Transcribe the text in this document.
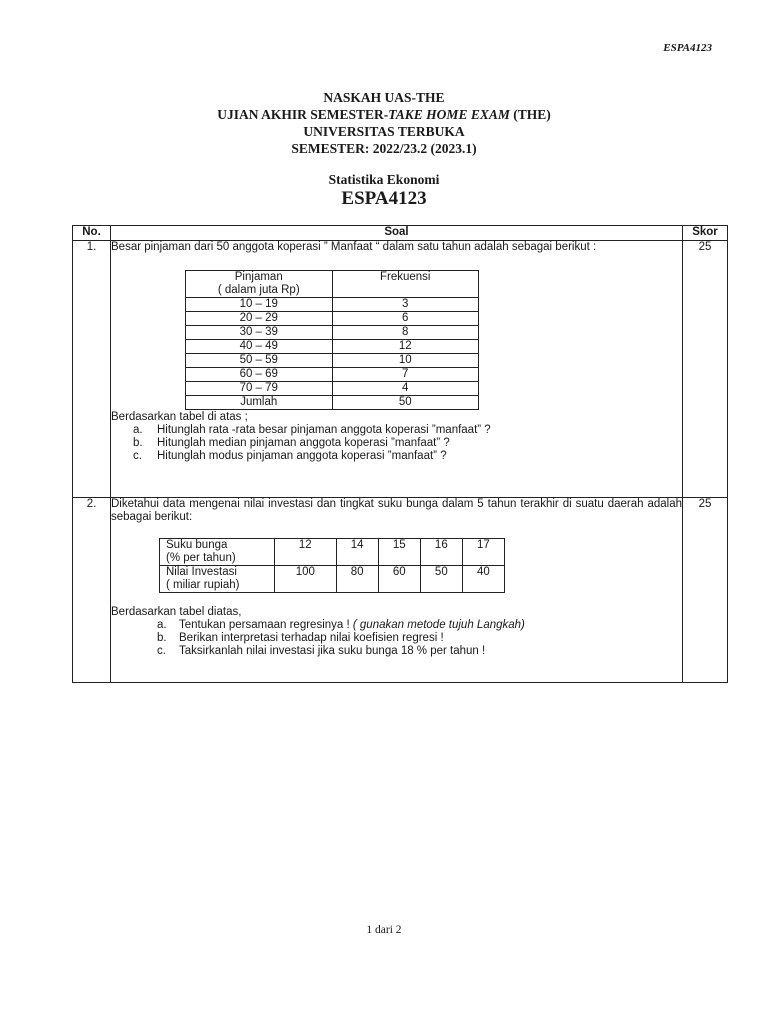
ESPA4123
NASKAH UAS-THE
UJIAN AKHIR SEMESTER-TAKE HOME EXAM (THE)
UNIVERSITAS TERBUKA
SEMESTER: 2022/23.2 (2023.1)
Statistika Ekonomi
ESPA4123
No.	Soal	Skor
1.	Besar pinjaman dari 50 anggota koperasi ” Manfaat “ dalam satu tahun adalah sebagai berikut :
Pinjaman
( dalam juta Rp)
	Frekuensi
10 – 19	3
20 – 29	6
30 – 39	8
40 – 49	12
50 – 59	10
60 – 69	7
70 – 79	4
Jumlah	50
Berdasarkan tabel di atas ;
a. Hitunglah rata -rata besar pinjaman anggota koperasi ”manfaat” ?
b. Hitunglah median pinjaman anggota koperasi ”manfaat” ?
c. Hitunglah modus pinjaman anggota koperasi ”manfaat” ?
	25
2.	Diketahui data mengenai nilai investasi dan tingkat suku bunga dalam 5 tahun terakhir di suatu daerah adalah sebagai berikut:
Suku bunga
(% per tahun)
	12	14	15	16	17

Nilai Investasi
( miliar rupiah)
	100	80	60	50	40
Berdasarkan tabel diatas,
a. Tentukan persamaan regresinya ! ( gunakan metode tujuh Langkah)
b. Berikan interpretasi terhadap nilai koefisien regresi !
c. Taksirkanlah nilai investasi jika suku bunga 18 % per tahun !
	25
1 dari 2
